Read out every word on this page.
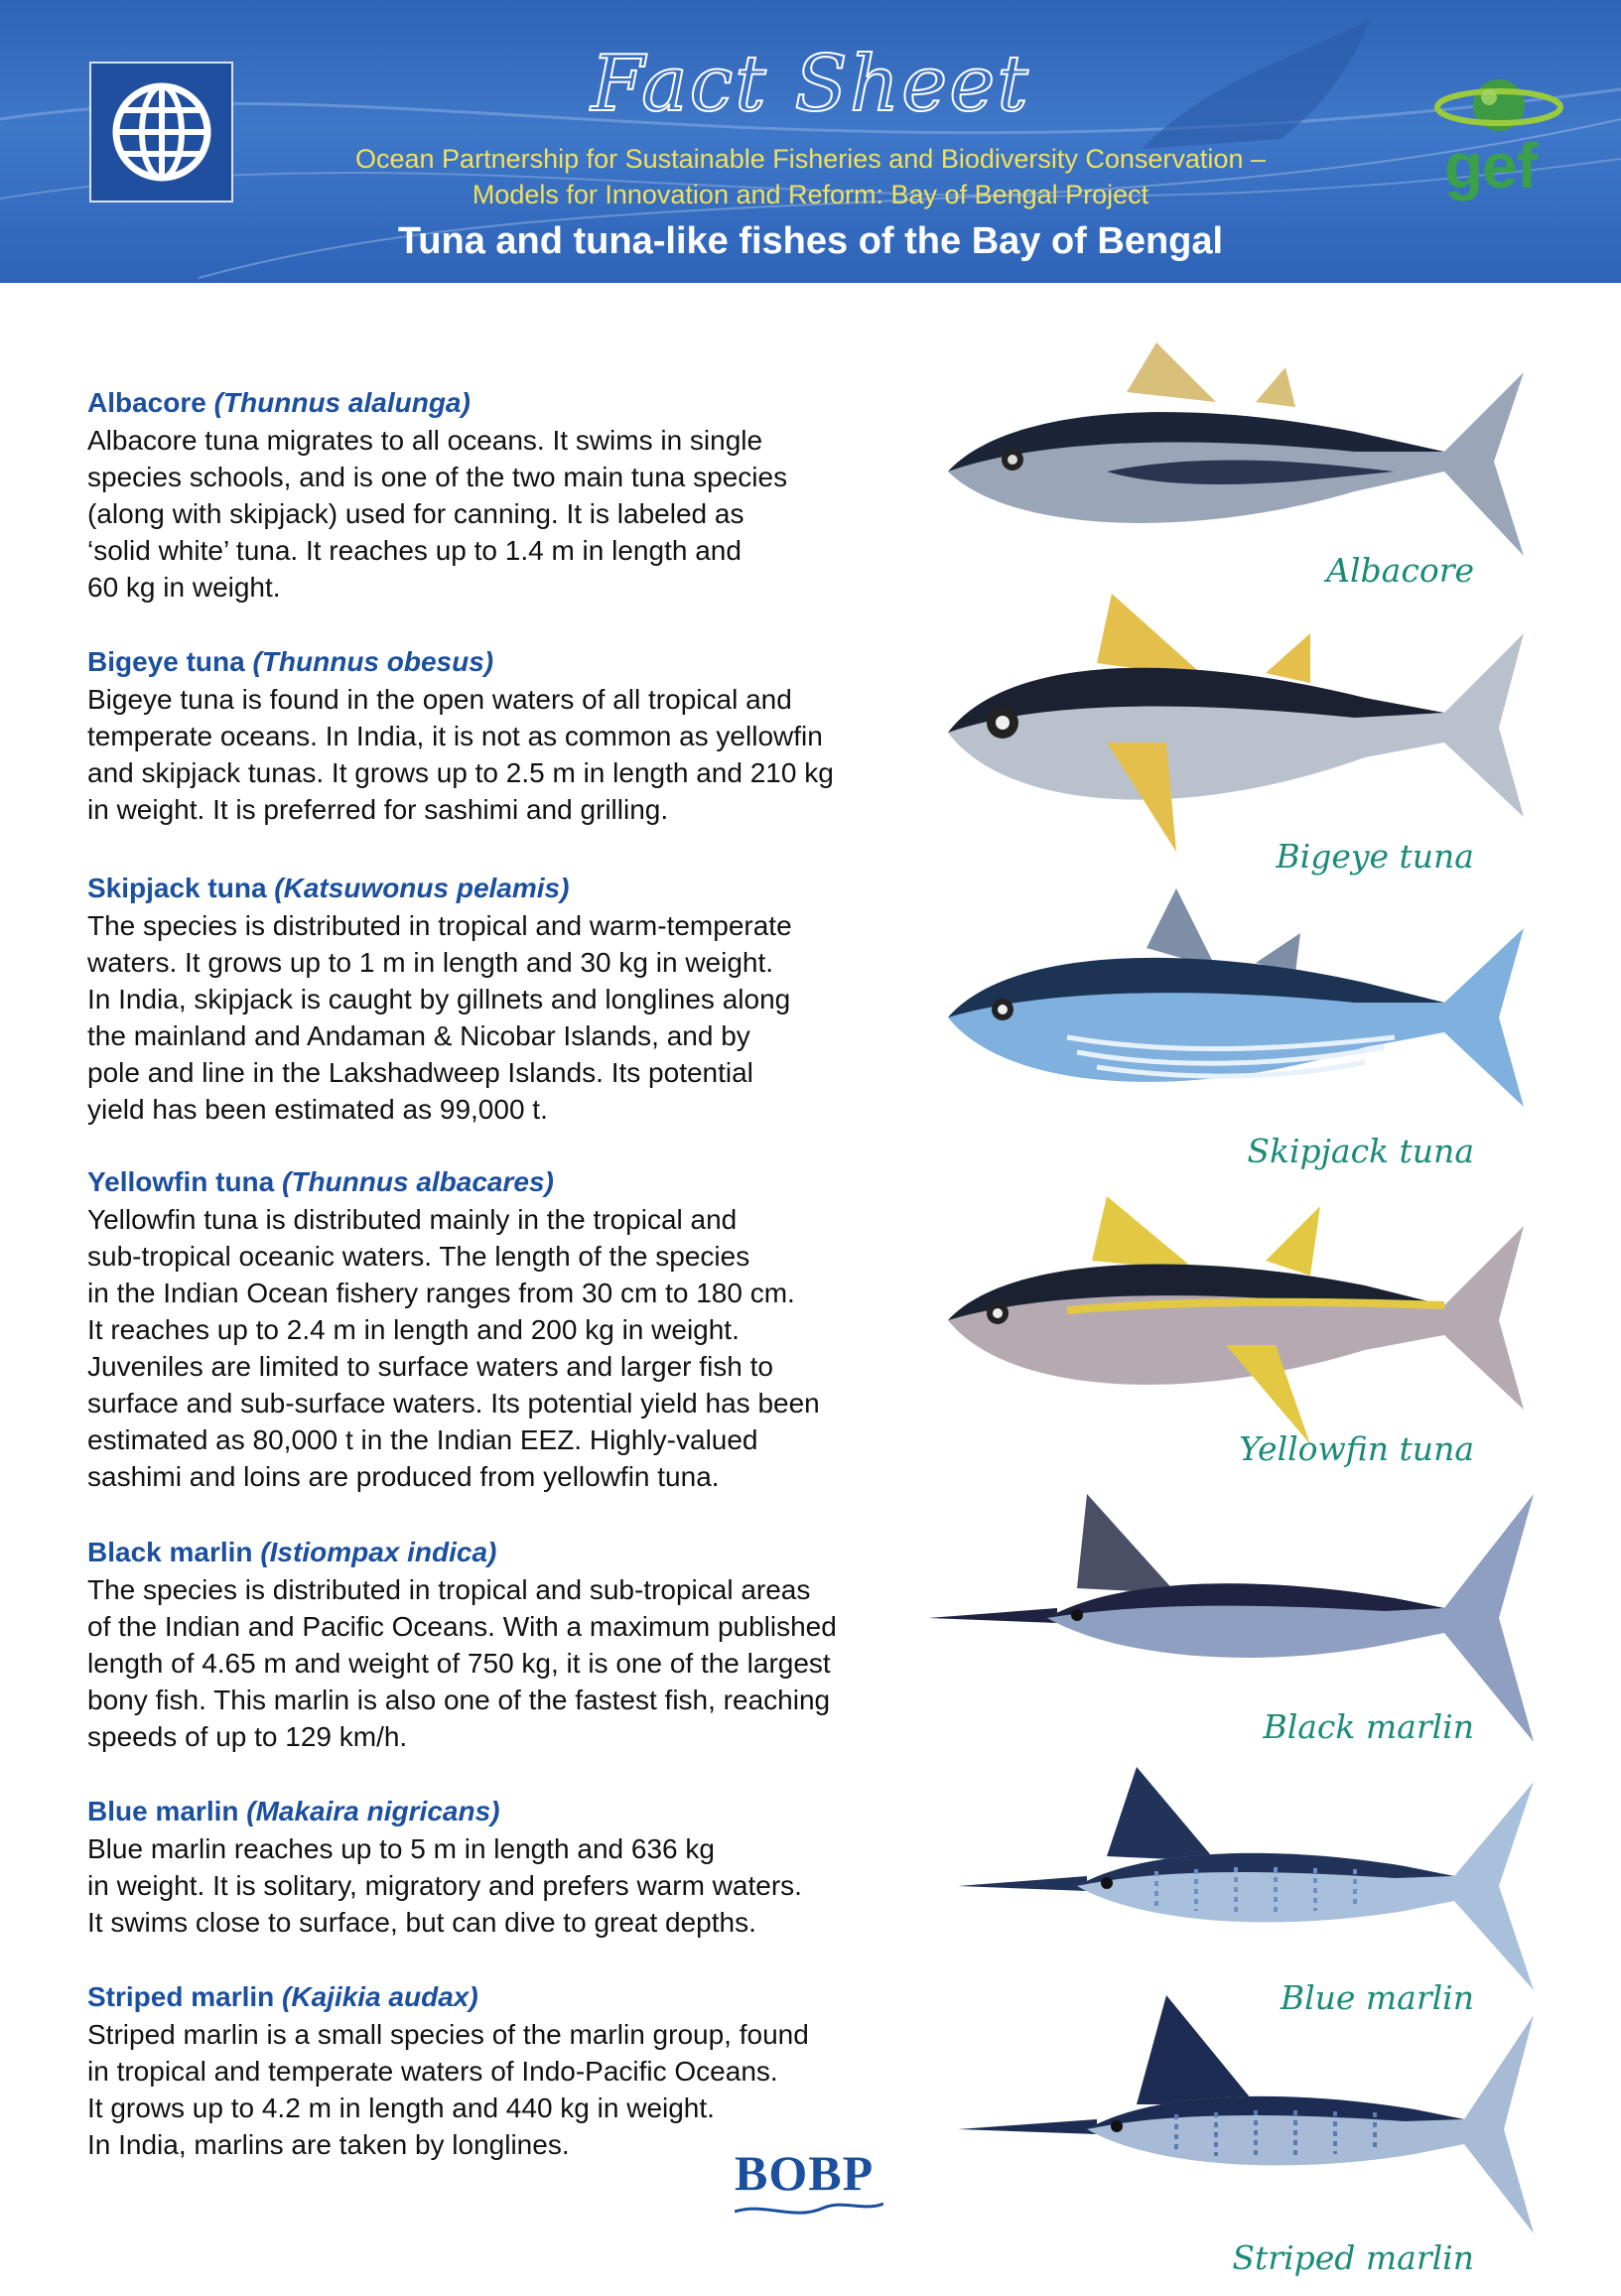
Fact Sheet
Ocean Partnership for Sustainable Fisheries and Biodiversity Conservation –
Models for Innovation and Reform: Bay of Bengal Project
Tuna and tuna-like fishes of the Bay of Bengal
gef
Albacore (Thunnus alalunga)

Albacore tuna migrates to all oceans. It swims in single

species schools, and is one of the two main tuna species

(along with skipjack) used for canning. It is labeled as

‘solid white’ tuna. It reaches up to 1.4 m in length and

60 kg in weight.

Bigeye tuna (Thunnus obesus)

Bigeye tuna is found in the open waters of all tropical and

temperate oceans. In India, it is not as common as yellowfin

and skipjack tunas. It grows up to 2.5 m in length and 210 kg

in weight. It is preferred for sashimi and grilling.

Skipjack tuna (Katsuwonus pelamis)

The species is distributed in tropical and warm-temperate

waters. It grows up to 1 m in length and 30 kg in weight.

In India, skipjack is caught by gillnets and longlines along

the mainland and Andaman & Nicobar Islands, and by

pole and line in the Lakshadweep Islands. Its potential

yield has been estimated as 99,000 t.

Yellowfin tuna (Thunnus albacares)

Yellowfin tuna is distributed mainly in the tropical and

sub-tropical oceanic waters. The length of the species

in the Indian Ocean fishery ranges from 30 cm to 180 cm.

It reaches up to 2.4 m in length and 200 kg in weight.

Juveniles are limited to surface waters and larger fish to

surface and sub-surface waters. Its potential yield has been

estimated as 80,000 t in the Indian EEZ. Highly-valued

sashimi and loins are produced from yellowfin tuna.

Black marlin (Istiompax indica)

The species is distributed in tropical and sub-tropical areas

of the Indian and Pacific Oceans. With a maximum published

length of 4.65 m and weight of 750 kg, it is one of the largest

bony fish. This marlin is also one of the fastest fish, reaching

speeds of up to 129 km/h.

Blue marlin (Makaira nigricans)

Blue marlin reaches up to 5 m in length and 636 kg

in weight. It is solitary, migratory and prefers warm waters.

It swims close to surface, but can dive to great depths.

Striped marlin (Kajikia audax)

Striped marlin is a small species of the marlin group, found

in tropical and temperate waters of Indo-Pacific Oceans.

It grows up to 4.2 m in length and 440 kg in weight.

In India, marlins are taken by longlines.

Albacore
Bigeye tuna
Skipjack tuna
Yellowfin tuna
Black marlin
Blue marlin
Striped marlin
BOBP
